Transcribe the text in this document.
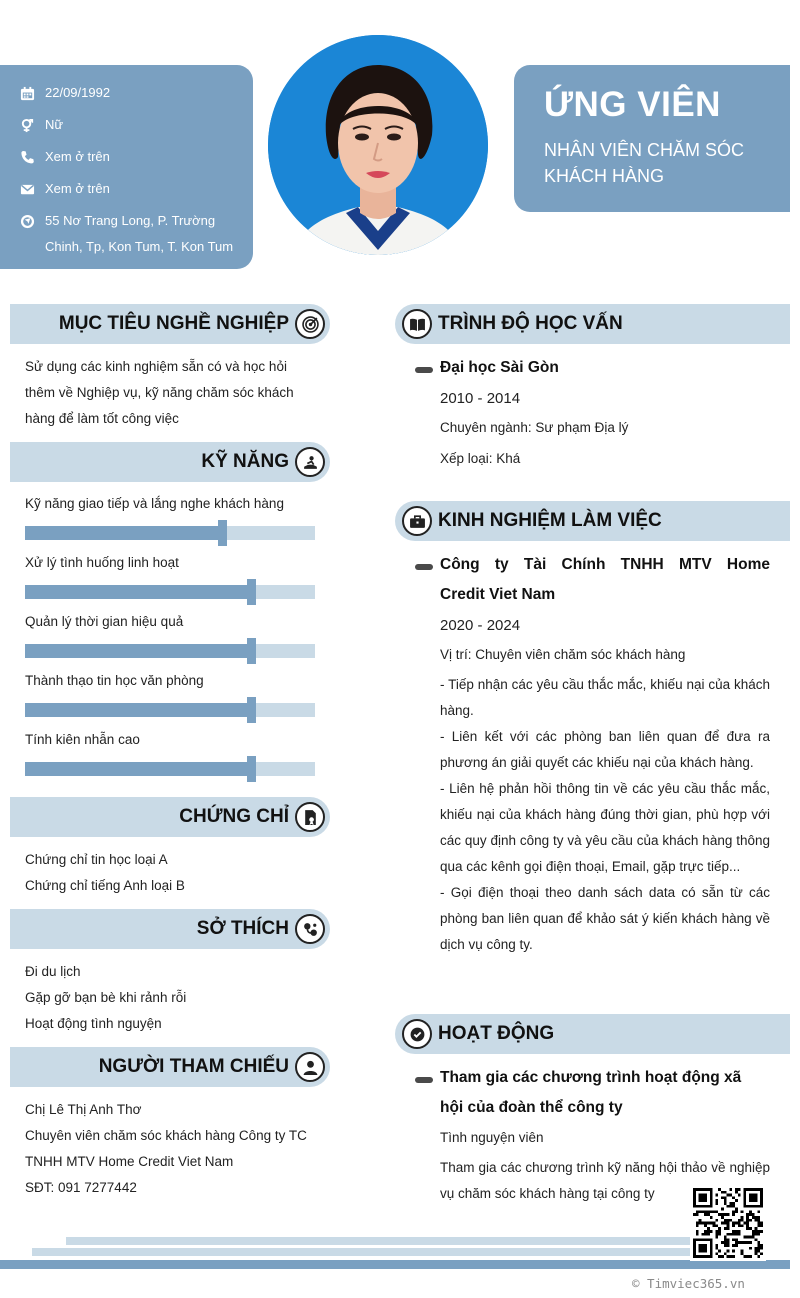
22/09/1992
Nữ
Xem ở trên
Xem ở trên
55 Nơ Trang Long, P. Trường
Chinh, Tp, Kon Tum, T. Kon Tum
ỨNG VIÊN
NHÂN VIÊN CHĂM SÓC
KHÁCH HÀNG
MỤC TIÊU NGHỀ NGHIỆP
Sử dụng các kinh nghiệm sẵn có và học hỏi
thêm về Nghiệp vụ, kỹ năng chăm sóc khách
hàng để làm tốt công việc
KỸ NĂNG
Kỹ năng giao tiếp và lắng nghe khách hàng
Xử lý tình huống linh hoạt
Quản lý thời gian hiệu quả
Thành thạo tin học văn phòng
Tính kiên nhẫn cao
CHỨNG CHỈ
Chứng chỉ tin học loại A
Chứng chỉ tiếng Anh loại B
SỞ THÍCH
Đi du lịch
Gặp gỡ bạn bè khi rảnh rỗi
Hoạt động tình nguyện
NGƯỜI THAM CHIẾU
Chị Lê Thị Anh Thơ
Chuyên viên chăm sóc khách hàng Công ty TC
TNHH MTV Home Credit Viet Nam
SĐT: 091 7277442
TRÌNH ĐỘ HỌC VẤN
Đại học Sài Gòn
2010 - 2014
Chuyên ngành: Sư phạm Địa lý
Xếp loại: Khá
KINH NGHIỆM LÀM VIỆC
Công ty Tài Chính TNHH MTV Home
Credit Viet Nam
2020 - 2024
Vị trí: Chuyên viên chăm sóc khách hàng
- Tiếp nhận các yêu cầu thắc mắc, khiếu nại của khách hàng.
- Liên kết với các phòng ban liên quan để đưa ra phương án giải quyết các khiếu nại của khách hàng.
- Liên hệ phản hồi thông tin về các yêu cầu thắc mắc, khiếu nại của khách hàng đúng thời gian, phù hợp với các quy định công ty và yêu cầu của khách hàng thông qua các kênh gọi điện thoại, Email, gặp trực tiếp...
- Gọi điện thoại theo danh sách data có sẵn từ các phòng ban liên quan để khảo sát ý kiến khách hàng về dịch vụ công ty.
HOẠT ĐỘNG
Tham gia các chương trình hoạt động xã
hội của đoàn thể công ty
Tình nguyện viên
Tham gia các chương trình kỹ năng hội thảo về nghiệp vụ chăm sóc khách hàng tại công ty
© Timviec365.vn
